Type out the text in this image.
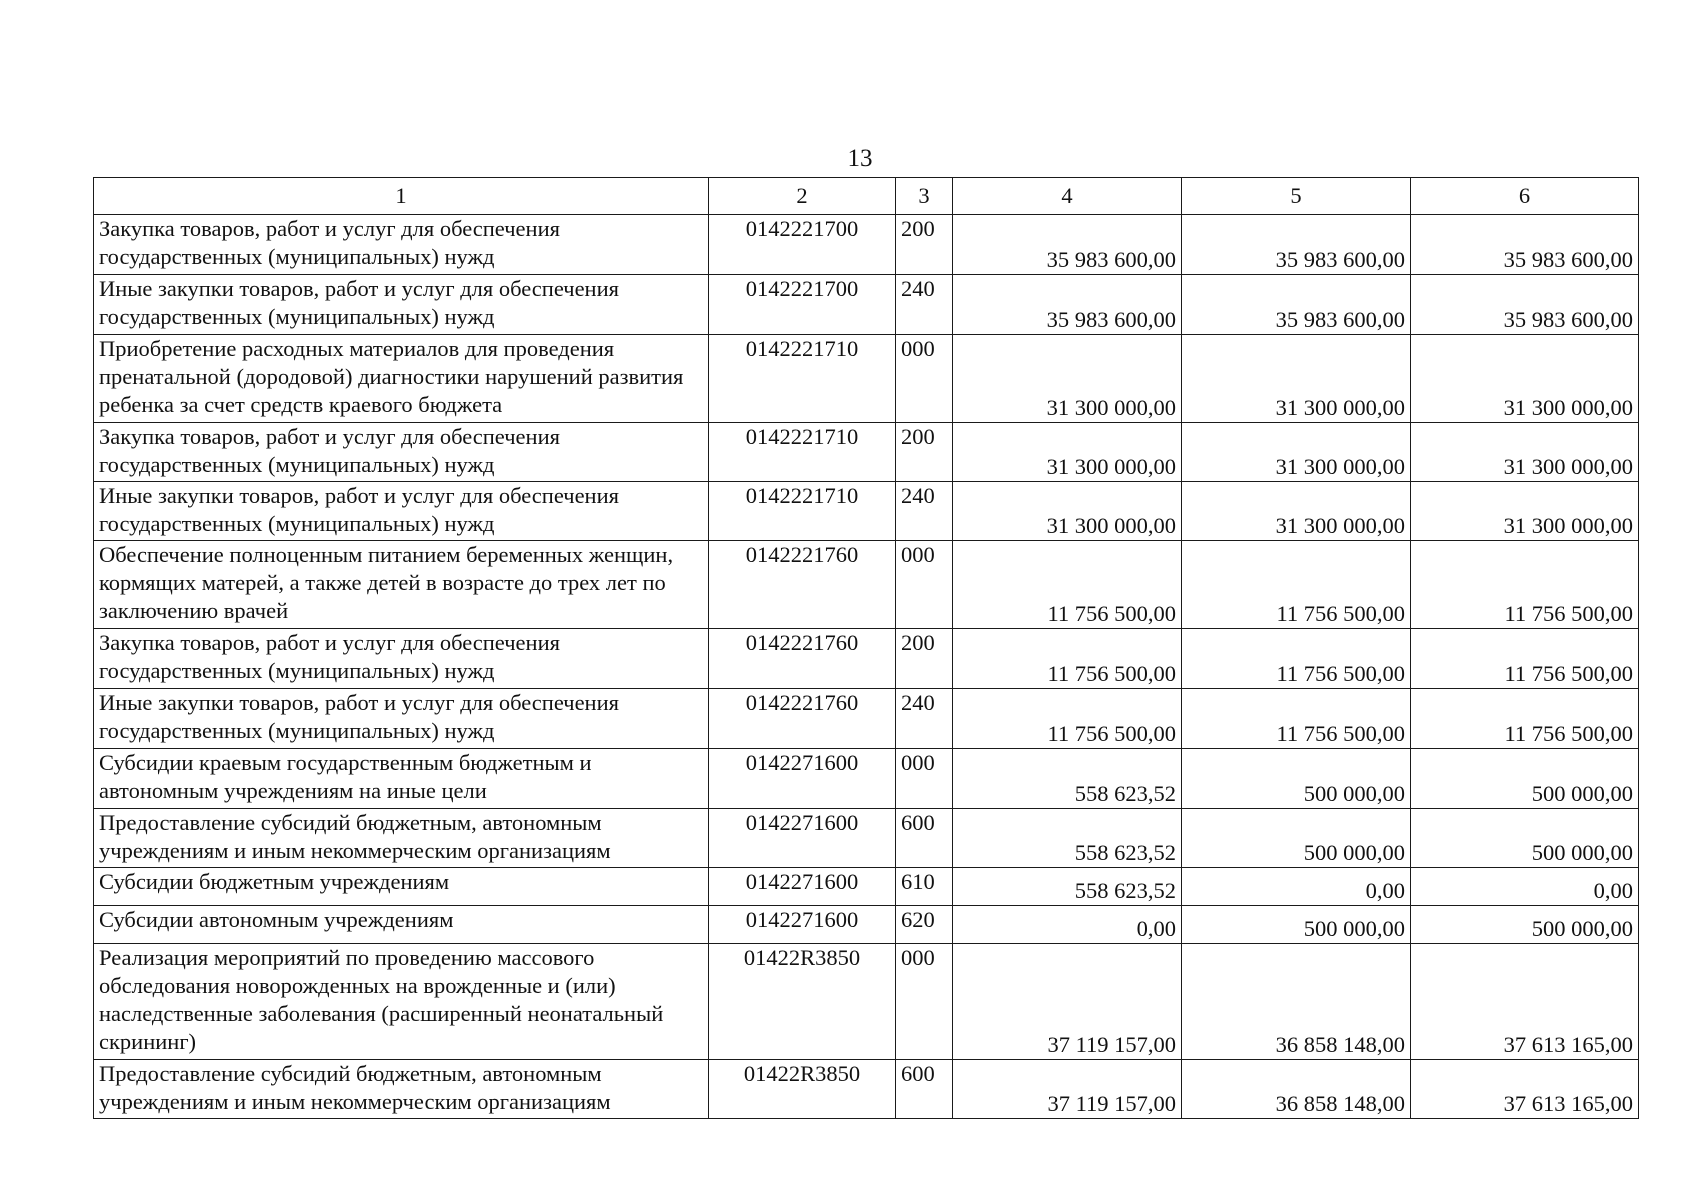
13
1	2	3	4	5	6
Закупка товаров, работ и услуг для обеспечения государственных (муниципальных) нужд	0142221700	200	35 983 600,00	35 983 600,00	35 983 600,00
Иные закупки товаров, работ и услуг для обеспечения государственных (муниципальных) нужд	0142221700	240	35 983 600,00	35 983 600,00	35 983 600,00
Приобретение расходных материалов для проведения пренатальной (дородовой) диагностики нарушений развития ребенка за счет средств краевого бюджета	0142221710	000	31 300 000,00	31 300 000,00	31 300 000,00
Закупка товаров, работ и услуг для обеспечения государственных (муниципальных) нужд	0142221710	200	31 300 000,00	31 300 000,00	31 300 000,00
Иные закупки товаров, работ и услуг для обеспечения государственных (муниципальных) нужд	0142221710	240	31 300 000,00	31 300 000,00	31 300 000,00
Обеспечение полноценным питанием беременных женщин, кормящих матерей, а также детей в возрасте до трех лет по заключению врачей	0142221760	000	11 756 500,00	11 756 500,00	11 756 500,00
Закупка товаров, работ и услуг для обеспечения государственных (муниципальных) нужд	0142221760	200	11 756 500,00	11 756 500,00	11 756 500,00
Иные закупки товаров, работ и услуг для обеспечения государственных (муниципальных) нужд	0142221760	240	11 756 500,00	11 756 500,00	11 756 500,00
Субсидии краевым государственным бюджетным и автономным учреждениям на иные цели	0142271600	000	558 623,52	500 000,00	500 000,00
Предоставление субсидий бюджетным, автономным учреждениям и иным некоммерческим организациям	0142271600	600	558 623,52	500 000,00	500 000,00
Субсидии бюджетным учреждениям	0142271600	610	558 623,52	0,00	0,00
Субсидии автономным учреждениям	0142271600	620	0,00	500 000,00	500 000,00
Реализация мероприятий по проведению массового обследования новорожденных на врожденные и (или) наследственные заболевания (расширенный неонатальный скрининг)	01422R3850	000	37 119 157,00	36 858 148,00	37 613 165,00
Предоставление субсидий бюджетным, автономным учреждениям и иным некоммерческим организациям	01422R3850	600	37 119 157,00	36 858 148,00	37 613 165,00
